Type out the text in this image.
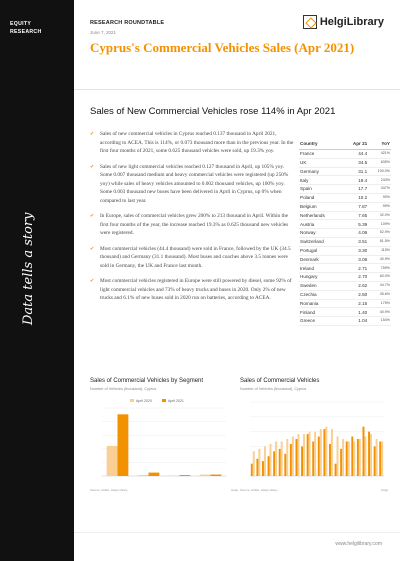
EQUITY
RESEARCH
Data tells a story
RESEARCH ROUNDTABLE
June 7, 2021
HelgiLibrary
Cyprus's Commercial Vehicles Sales (Apr 2021)
Sales of New Commercial Vehicles rose 114% in Apr 2021
✔	Sales of new commercial vehicles in Cyprus reached 0.137 thousand in April 2021, according to ACEA. This is 114%, or 0.073 thousand more than in the previous year. In the first four months of 2021, some 0.625 thousand vehicles were sold, up 19.3% yoy.
✔	Sales of new light commercial vehicles reached 0.127 thousand in April, up 105% yoy. Some 0.007 thousand medium and heavy commercial vehicles were registered (up 250% yoy) while sales of heavy vehicles amounted to 0.002 thousand vehicles, up 100% yoy. Some 0.003 thousand new buses have been delivered in April in Cyprus, up 0% when compared to last year.
✔	In Europe, sales of commercial vehicles grew 200% to 213 thousand in April. Within the first four months of the year, the increase reached 19.3% as 0.625 thousand new vehicles were registered.
✔	Most commercial vehicles (44.4 thousand) were sold in France, followed by the UK (34.5 thousand) and Germany (31.1 thousand). Most buses and coaches above 3.5 tonnes were sold in Germany, the UK and France last month.
✔	Most commercial vehicles registered in Europe were still powered by diesel, some 92% of light commercial vehicles and 73% of heavy trucks and buses in 2020. Only 2% of new trucks and 6.1% of new buses sold in 2020 run on batteries, according to ACEA.
Country	Apr 21	YoY
France	44.4	421%
UK	34.5	635%
Germany	31.1	100.0%
Italy	19.4	243%
Spain	17.7	347%
Poland	10.2	90%
Belgium	7.87	99%
Netherlands	7.65	32.0%
Austria	5.39	109%
Norway	4.06	52.9%
Switzerland	3.51	81.5%
Portugal	3.30	115%
Denmark	3.06	40.9%
Ireland	2.71	759%
Hungary	2.70	60.0%
Sweden	2.62	44.7%
Czechia	2.50	35.6%
Romania	2.15	175%
Finland	1.40	40.9%
Greece	1.04	154%
Sales of Commercial Vehicles by Segment
Number of Vehicles (thousand), Cyprus
April 2020	April 2021
Source: ACEA, Helgi Library	Helgi
Sales of Commercial Vehicles
Number of Vehicles (thousand), Cyprus
Source: ACEA, Helgi Library	Helgi
www.helgilibrary.com
